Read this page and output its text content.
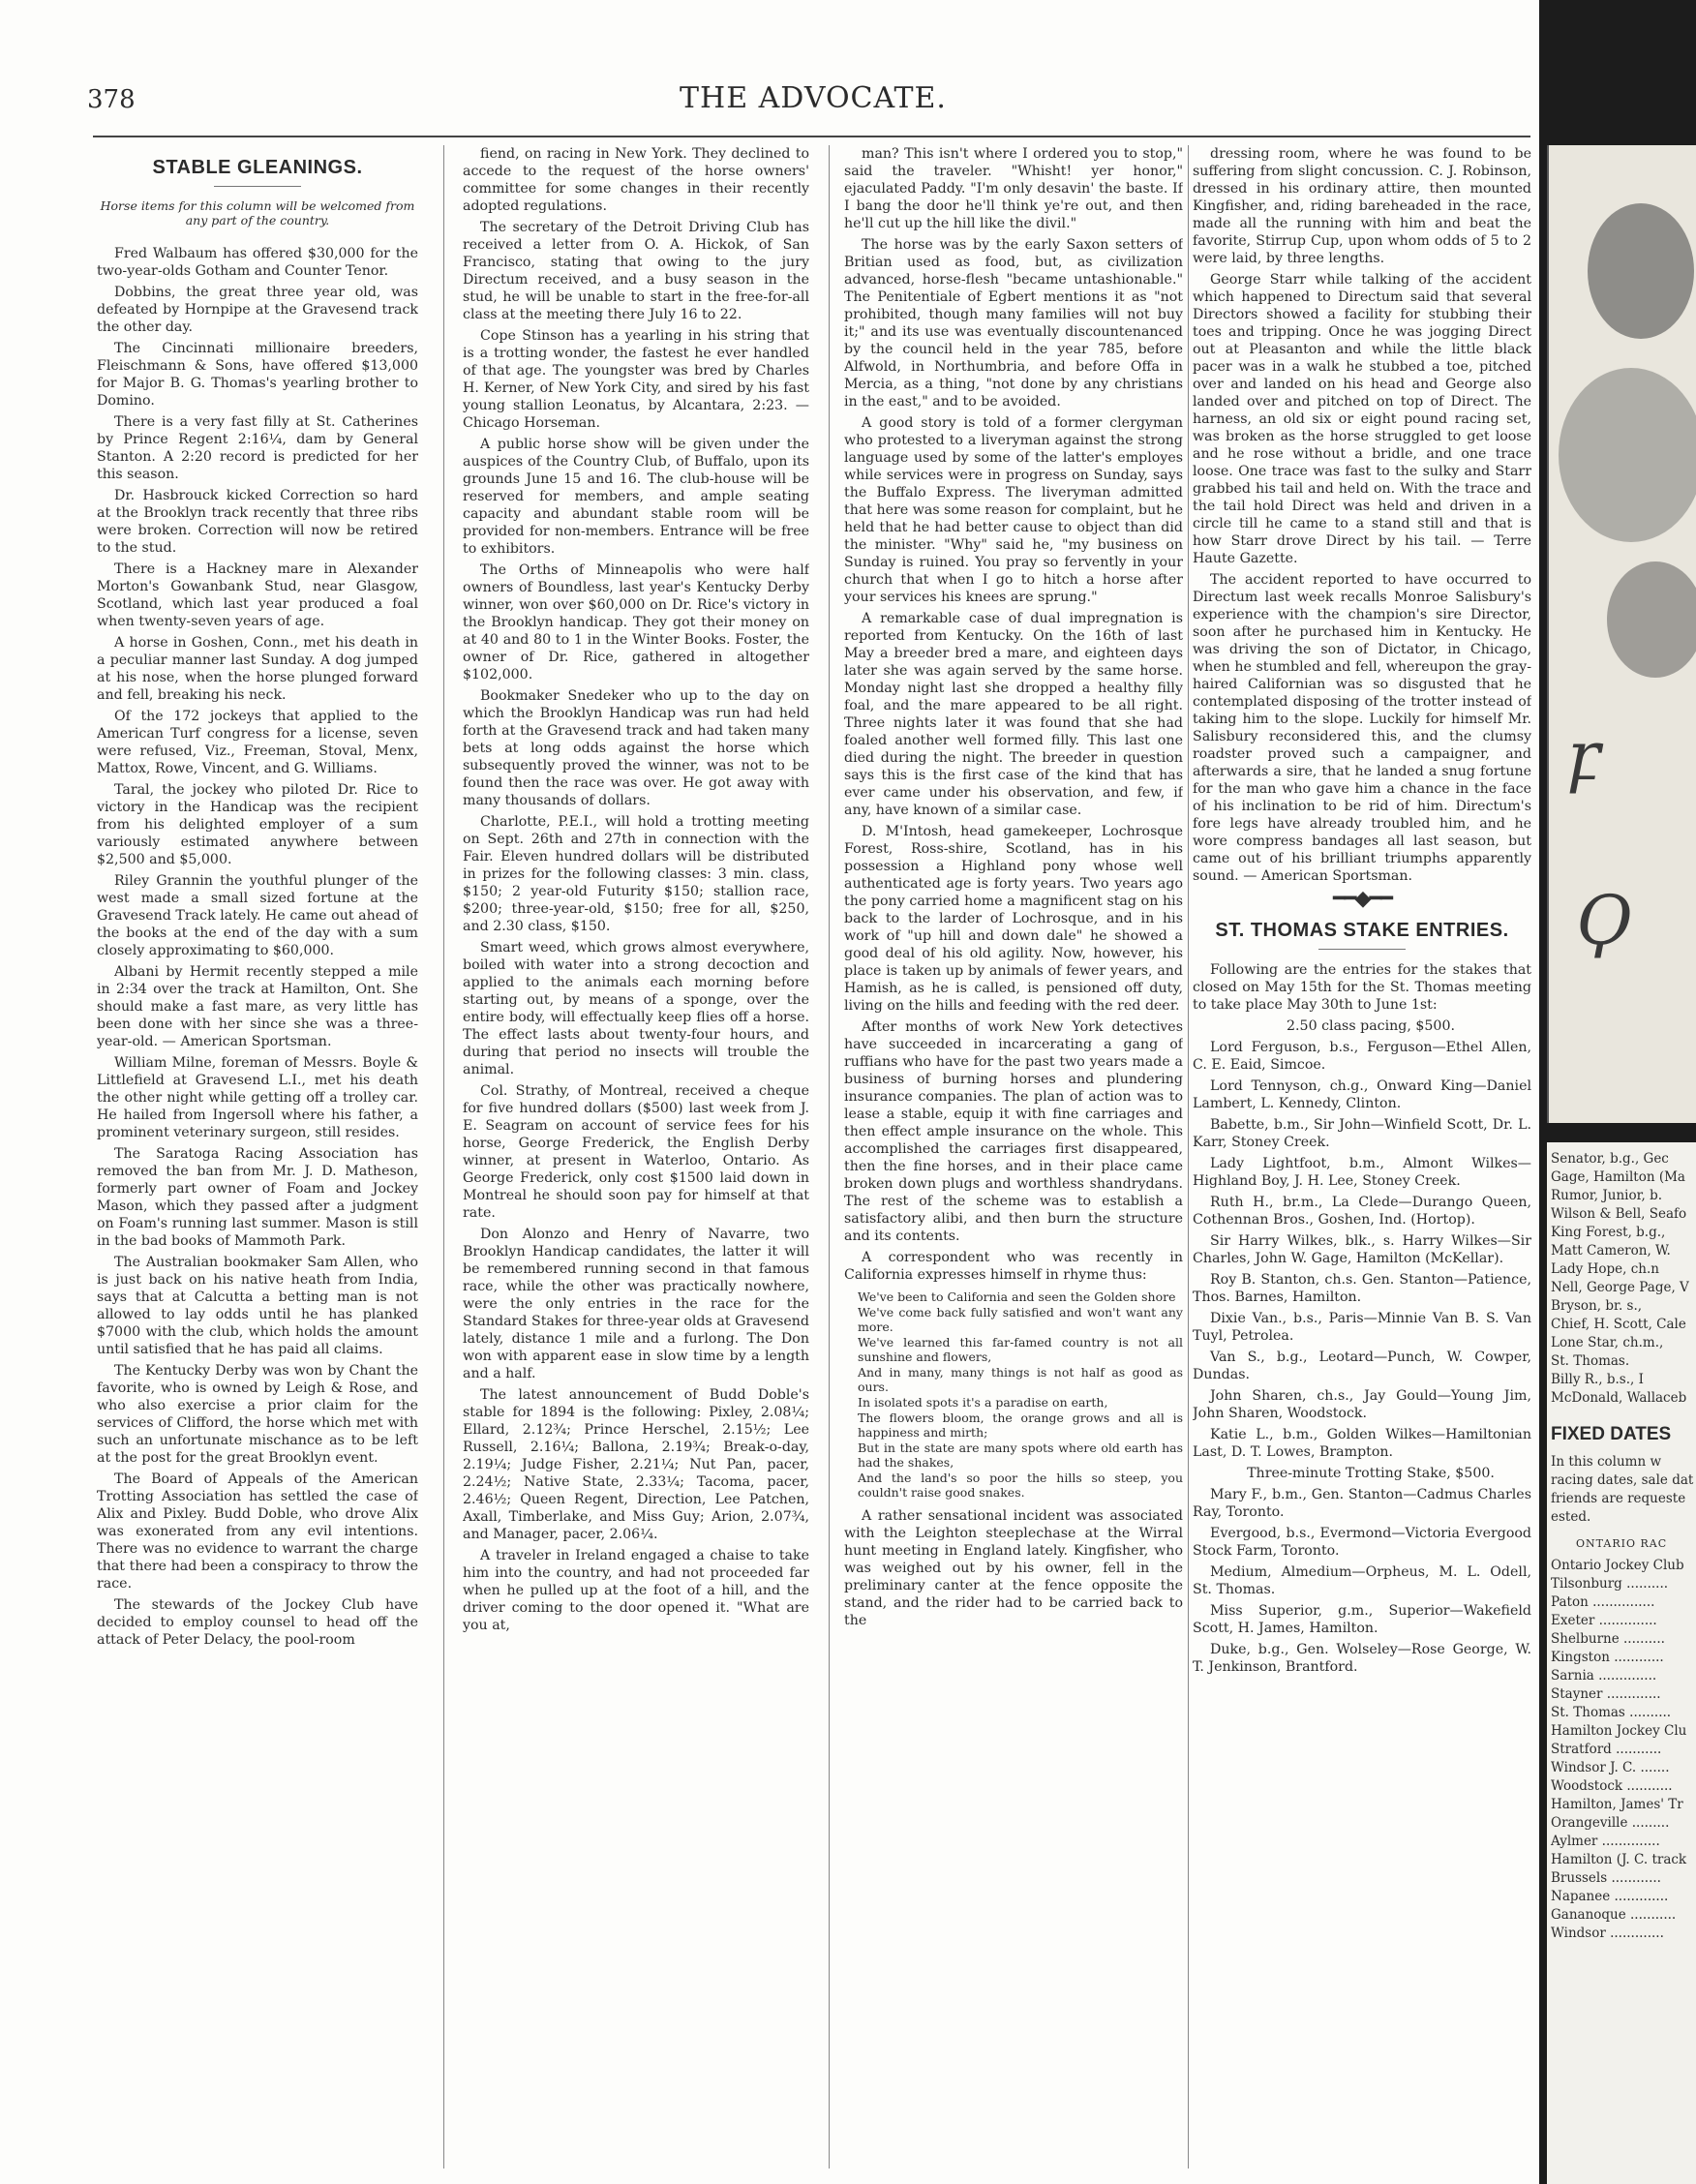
378	THE ADVOCATE.
STABLE GLEANINGS.
Horse items for this column will be welcomed from any part of the country.

Fred Walbaum has offered $30,000 for the two-year-olds Gotham and Counter Tenor.

Dobbins, the great three year old, was defeated by Hornpipe at the Gravesend track the other day.

The Cincinnati millionaire breeders, Fleischmann & Sons, have offered $13,000 for Major B. G. Thomas's yearling brother to Domino.

There is a very fast filly at St. Catherines by Prince Regent 2:16¼, dam by General Stanton. A 2:20 record is predicted for her this season.

Dr. Hasbrouck kicked Correction so hard at the Brooklyn track recently that three ribs were broken. Correction will now be retired to the stud.

There is a Hackney mare in Alexander Morton's Gowanbank Stud, near Glasgow, Scotland, which last year produced a foal when twenty-seven years of age.

A horse in Goshen, Conn., met his death in a peculiar manner last Sunday. A dog jumped at his nose, when the horse plunged forward and fell, breaking his neck.

Of the 172 jockeys that applied to the American Turf congress for a license, seven were refused, Viz., Freeman, Stoval, Menx, Mattox, Rowe, Vincent, and G. Williams.

Taral, the jockey who piloted Dr. Rice to victory in the Handicap was the recipient from his delighted employer of a sum variously estimated anywhere between $2,500 and $5,000.

Riley Grannin the youthful plunger of the west made a small sized fortune at the Gravesend Track lately. He came out ahead of the books at the end of the day with a sum closely approximating to $60,000.

Albani by Hermit recently stepped a mile in 2:34 over the track at Hamilton, Ont. She should make a fast mare, as very little has been done with her since she was a three-year-old. — American Sportsman.

William Milne, foreman of Messrs. Boyle & Littlefield at Gravesend L.I., met his death the other night while getting off a trolley car. He hailed from Ingersoll where his father, a prominent veterinary surgeon, still resides.

The Saratoga Racing Association has removed the ban from Mr. J. D. Matheson, formerly part owner of Foam and Jockey Mason, which they passed after a judgment on Foam's running last summer. Mason is still in the bad books of Mammoth Park.

The Australian bookmaker Sam Allen, who is just back on his native heath from India, says that at Calcutta a betting man is not allowed to lay odds until he has planked $7000 with the club, which holds the amount until satisfied that he has paid all claims.

The Kentucky Derby was won by Chant the favorite, who is owned by Leigh & Rose, and who also exercise a prior claim for the services of Clifford, the horse which met with such an unfortunate mischance as to be left at the post for the great Brooklyn event.

The Board of Appeals of the American Trotting Association has settled the case of Alix and Pixley. Budd Doble, who drove Alix was exonerated from any evil intentions. There was no evidence to warrant the charge that there had been a conspiracy to throw the race.

The stewards of the Jockey Club have decided to employ counsel to head off the attack of Peter Delacy, the pool-room

fiend, on racing in New York. They declined to accede to the request of the horse owners' committee for some changes in their recently adopted regulations.

The secretary of the Detroit Driving Club has received a letter from O. A. Hickok, of San Francisco, stating that owing to the jury Directum received, and a busy season in the stud, he will be unable to start in the free-for-all class at the meeting there July 16 to 22.

Cope Stinson has a yearling in his string that is a trotting wonder, the fastest he ever handled of that age. The youngster was bred by Charles H. Kerner, of New York City, and sired by his fast young stallion Leonatus, by Alcantara, 2:23. — Chicago Horseman.

A public horse show will be given under the auspices of the Country Club, of Buffalo, upon its grounds June 15 and 16. The club-house will be reserved for members, and ample seating capacity and abundant stable room will be provided for non-members. Entrance will be free to exhibitors.

The Orths of Minneapolis who were half owners of Boundless, last year's Kentucky Derby winner, won over $60,000 on Dr. Rice's victory in the Brooklyn handicap. They got their money on at 40 and 80 to 1 in the Winter Books. Foster, the owner of Dr. Rice, gathered in altogether $102,000.

Bookmaker Snedeker who up to the day on which the Brooklyn Handicap was run had held forth at the Gravesend track and had taken many bets at long odds against the horse which subsequently proved the winner, was not to be found then the race was over. He got away with many thousands of dollars.

Charlotte, P.E.I., will hold a trotting meeting on Sept. 26th and 27th in connection with the Fair. Eleven hundred dollars will be distributed in prizes for the following classes: 3 min. class, $150; 2 year-old Futurity $150; stallion race, $200; three-year-old, $150; free for all, $250, and 2.30 class, $150.

Smart weed, which grows almost everywhere, boiled with water into a strong decoction and applied to the animals each morning before starting out, by means of a sponge, over the entire body, will effectually keep flies off a horse. The effect lasts about twenty-four hours, and during that period no insects will trouble the animal.

Col. Strathy, of Montreal, received a cheque for five hundred dollars ($500) last week from J. E. Seagram on account of service fees for his horse, George Frederick, the English Derby winner, at present in Waterloo, Ontario. As George Frederick, only cost $1500 laid down in Montreal he should soon pay for himself at that rate.

Don Alonzo and Henry of Navarre, two Brooklyn Handicap candidates, the latter it will be remembered running second in that famous race, while the other was practically nowhere, were the only entries in the race for the Standard Stakes for three-year olds at Gravesend lately, distance 1 mile and a furlong. The Don won with apparent ease in slow time by a length and a half.

The latest announcement of Budd Doble's stable for 1894 is the following: Pixley, 2.08¼; Ellard, 2.12¾; Prince Herschel, 2.15½; Lee Russell, 2.16¼; Ballona, 2.19¾; Break-o-day, 2.19¼; Judge Fisher, 2.21¼; Nut Pan, pacer, 2.24½; Native State, 2.33¼; Tacoma, pacer, 2.46½; Queen Regent, Direction, Lee Patchen, Axall, Timberlake, and Miss Guy; Arion, 2.07¾, and Manager, pacer, 2.06¼.

A traveler in Ireland engaged a chaise to take him into the country, and had not proceeded far when he pulled up at the foot of a hill, and the driver coming to the door opened it. "What are you at,

man? This isn't where I ordered you to stop," said the traveler. "Whisht! yer honor," ejaculated Paddy. "I'm only desavin' the baste. If I bang the door he'll think ye're out, and then he'll cut up the hill like the divil."

The horse was by the early Saxon setters of Britian used as food, but, as civilization advanced, horse-flesh "became untashionable." The Penitentiale of Egbert mentions it as "not prohibited, though many families will not buy it;" and its use was eventually discountenanced by the council held in the year 785, before Alfwold, in Northumbria, and before Offa in Mercia, as a thing, "not done by any christians in the east," and to be avoided.

A good story is told of a former clergyman who protested to a liveryman against the strong language used by some of the latter's employes while services were in progress on Sunday, says the Buffalo Express. The liveryman admitted that here was some reason for complaint, but he held that he had better cause to object than did the minister. "Why" said he, "my business on Sunday is ruined. You pray so fervently in your church that when I go to hitch a horse after your services his knees are sprung."

A remarkable case of dual impregnation is reported from Kentucky. On the 16th of last May a breeder bred a mare, and eighteen days later she was again served by the same horse. Monday night last she dropped a healthy filly foal, and the mare appeared to be all right. Three nights later it was found that she had foaled another well formed filly. This last one died during the night. The breeder in question says this is the first case of the kind that has ever came under his observation, and few, if any, have known of a similar case.

D. M'Intosh, head gamekeeper, Lochrosque Forest, Ross-shire, Scotland, has in his possession a Highland pony whose well authenticated age is forty years. Two years ago the pony carried home a magnificent stag on his back to the larder of Lochrosque, and in his work of "up hill and down dale" he showed a good deal of his old agility. Now, however, his place is taken up by animals of fewer years, and Hamish, as he is called, is pensioned off duty, living on the hills and feeding with the red deer.

After months of work New York detectives have succeeded in incarcerating a gang of ruffians who have for the past two years made a business of burning horses and plundering insurance companies. The plan of action was to lease a stable, equip it with fine carriages and then effect ample insurance on the whole. This accomplished the carriages first disappeared, then the fine horses, and in their place came broken down plugs and worthless shandrydans. The rest of the scheme was to establish a satisfactory alibi, and then burn the structure and its contents.

A correspondent who was recently in California expresses himself in rhyme thus:

We've been to California and seen the Golden shore
We've come back fully satisfied and won't want any more.
We've learned this far-famed country is not all sunshine and flowers,
And in many, many things is not half as good as ours.
In isolated spots it's a paradise on earth,
The flowers bloom, the orange grows and all is happiness and mirth;
But in the state are many spots where old earth has had the shakes,
And the land's so poor the hills so steep, you couldn't raise good snakes.

A rather sensational incident was associated with the Leighton steeplechase at the Wirral hunt meeting in England lately. Kingfisher, who was weighed out by his owner, fell in the preliminary canter at the fence opposite the stand, and the rider had to be carried back to the

dressing room, where he was found to be suffering from slight concussion. C. J. Robinson, dressed in his ordinary attire, then mounted Kingfisher, and, riding bareheaded in the race, made all the running with him and beat the favorite, Stirrup Cup, upon whom odds of 5 to 2 were laid, by three lengths.

George Starr while talking of the accident which happened to Directum said that several Directors showed a facility for stubbing their toes and tripping. Once he was jogging Direct out at Pleasanton and while the little black pacer was in a walk he stubbed a toe, pitched over and landed on his head and George also landed over and pitched on top of Direct. The harness, an old six or eight pound racing set, was broken as the horse struggled to get loose and he rose without a bridle, and one trace loose. One trace was fast to the sulky and Starr grabbed his tail and held on. With the trace and the tail hold Direct was held and driven in a circle till he came to a stand still and that is how Starr drove Direct by his tail. — Terre Haute Gazette.

The accident reported to have occurred to Directum last week recalls Monroe Salisbury's experience with the champion's sire Director, soon after he purchased him in Kentucky. He was driving the son of Dictator, in Chicago, when he stumbled and fell, whereupon the gray-haired Californian was so disgusted that he contemplated disposing of the trotter instead of taking him to the slope. Luckily for himself Mr. Salisbury reconsidered this, and the clumsy roadster proved such a campaigner, and afterwards a sire, that he landed a snug fortune for the man who gave him a chance in the face of his inclination to be rid of him. Directum's fore legs have already troubled him, and he wore compress bandages all last season, but came out of his brilliant triumphs apparently sound. — American Sportsman.

━━◆━━
ST. THOMAS STAKE ENTRIES.

Following are the entries for the stakes that closed on May 15th for the St. Thomas meeting to take place May 30th to June 1st:

2.50 class pacing, $500.

Lord Ferguson, b.s., Ferguson—Ethel Allen, C. E. Eaid, Simcoe.

Lord Tennyson, ch.g., Onward King—Daniel Lambert, L. Kennedy, Clinton.

Babette, b.m., Sir John—Winfield Scott, Dr. L. Karr, Stoney Creek.

Lady Lightfoot, b.m., Almont Wilkes—Highland Boy, J. H. Lee, Stoney Creek.

Ruth H., br.m., La Clede—Durango Queen, Cothennan Bros., Goshen, Ind. (Hortop).

Sir Harry Wilkes, blk., s. Harry Wilkes—Sir Charles, John W. Gage, Hamilton (McKellar).

Roy B. Stanton, ch.s. Gen. Stanton—Patience, Thos. Barnes, Hamilton.

Dixie Van., b.s., Paris—Minnie Van B. S. Van Tuyl, Petrolea.

Van S., b.g., Leotard—Punch, W. Cowper, Dundas.

John Sharen, ch.s., Jay Gould—Young Jim, John Sharen, Woodstock.

Katie L., b.m., Golden Wilkes—Hamiltonian Last, D. T. Lowes, Brampton.

Three-minute Trotting Stake, $500.

Mary F., b.m., Gen. Stanton—Cadmus Charles Ray, Toronto.

Evergood, b.s., Evermond—Victoria Evergood Stock Farm, Toronto.

Medium, Almedium—Orpheus, M. L. Odell, St. Thomas.

Miss Superior, g.m., Superior—Wakefield Scott, H. James, Hamilton.

Duke, b.g., Gen. Wolseley—Rose George, W. T. Jenkinson, Brantford.

ꝼ
Ϙ
Senator, b.g., Gec
Gage, Hamilton (Ma
Rumor, Junior, b.
Wilson & Bell, Seafo
King Forest, b.g.,
Matt Cameron, W.
Lady Hope, ch.n
Nell, George Page, V
Bryson, br. s.,
Chief, H. Scott, Cale
Lone Star, ch.m.,
St. Thomas.
Billy R., b.s., I
McDonald, Wallaceb
FIXED DATES
In this column w
racing dates, sale dat
friends are requeste
ested.
ONTARIO RAC
Ontario Jockey Club
Tilsonburg ..........
Paton ...............
Exeter ..............
Shelburne ..........
Kingston ............
Sarnia ..............
Stayner .............
St. Thomas ..........
Hamilton Jockey Clu
Stratford ...........
Windsor J. C. .......
Woodstock ...........
Hamilton, James' Tr
Orangeville .........
Aylmer ..............
Hamilton (J. C. track
Brussels ............
Napanee .............
Gananoque ...........
Windsor .............
